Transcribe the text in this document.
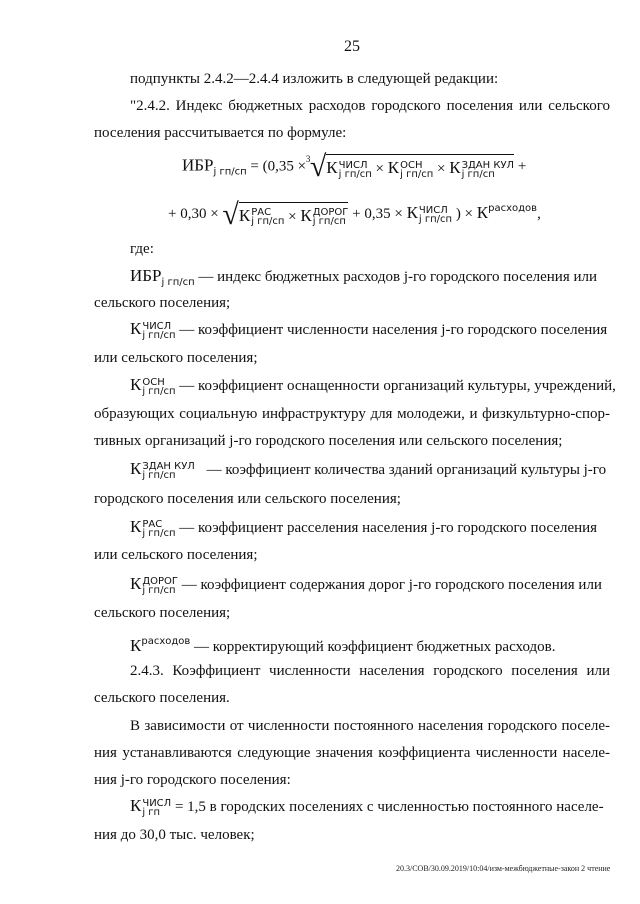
25
подпункты 2.4.2—2.4.4 изложить в следующей редакции:
"2.4.2. Индекс бюджетных расходов городского поселения или сельского
поселения рассчитывается по формуле:
$ИБР_{j гп/сп} = (0,35 \times 3$ √К ЧИСЛ
j гп/сп × К ОСН
j гп/сп × К ЗДАН КУЛ
j гп/сп	+
+ 0,30 × √К РАС
j гп/сп × К ДОРОГ
j гп/сп + 0,35 × К ЧИСЛ
j гп/сп ) × $К^{расходов}$,
где:
$ИБР_{j гп/сп}$ — индекс бюджетных расходов j-го городского поселения или
сельского поселения;
К ЧИСЛ
j гп/сп — коэффициент численности населения j-го городского поселения
или сельского поселения;
К ОСН
j гп/сп — коэффициент оснащенности организаций культуры, учреждений,
образующих социальную инфраструктуру для молодежи, и физкультурно-спор-
тивных организаций j-го городского поселения или сельского поселения;
К ЗДАН КУЛ
j гп/сп	— коэффициент количества зданий организаций культуры j-го
городского поселения или сельского поселения;
К РАС
j гп/сп — коэффициент расселения населения j-го городского поселения
или сельского поселения;
К ДОРОГ
j гп/сп — коэффициент содержания дорог j-го городского поселения или
сельского поселения;
$К^{расходов}$ — корректирующий коэффициент бюджетных расходов.
2.4.3. Коэффициент численности населения городского поселения или
сельского поселения.
В зависимости от численности постоянного населения городского поселе-
ния устанавливаются следующие значения коэффициента численности населе-
ния j-го городского поселения:
К ЧИСЛ
j гп = 1,5 в городских поселениях с численностью постоянного населе-
ния до 30,0 тыс. человек;
20.3/СОВ/30.09.2019/10:04/изм-межбюджетные-закон 2 чтение
